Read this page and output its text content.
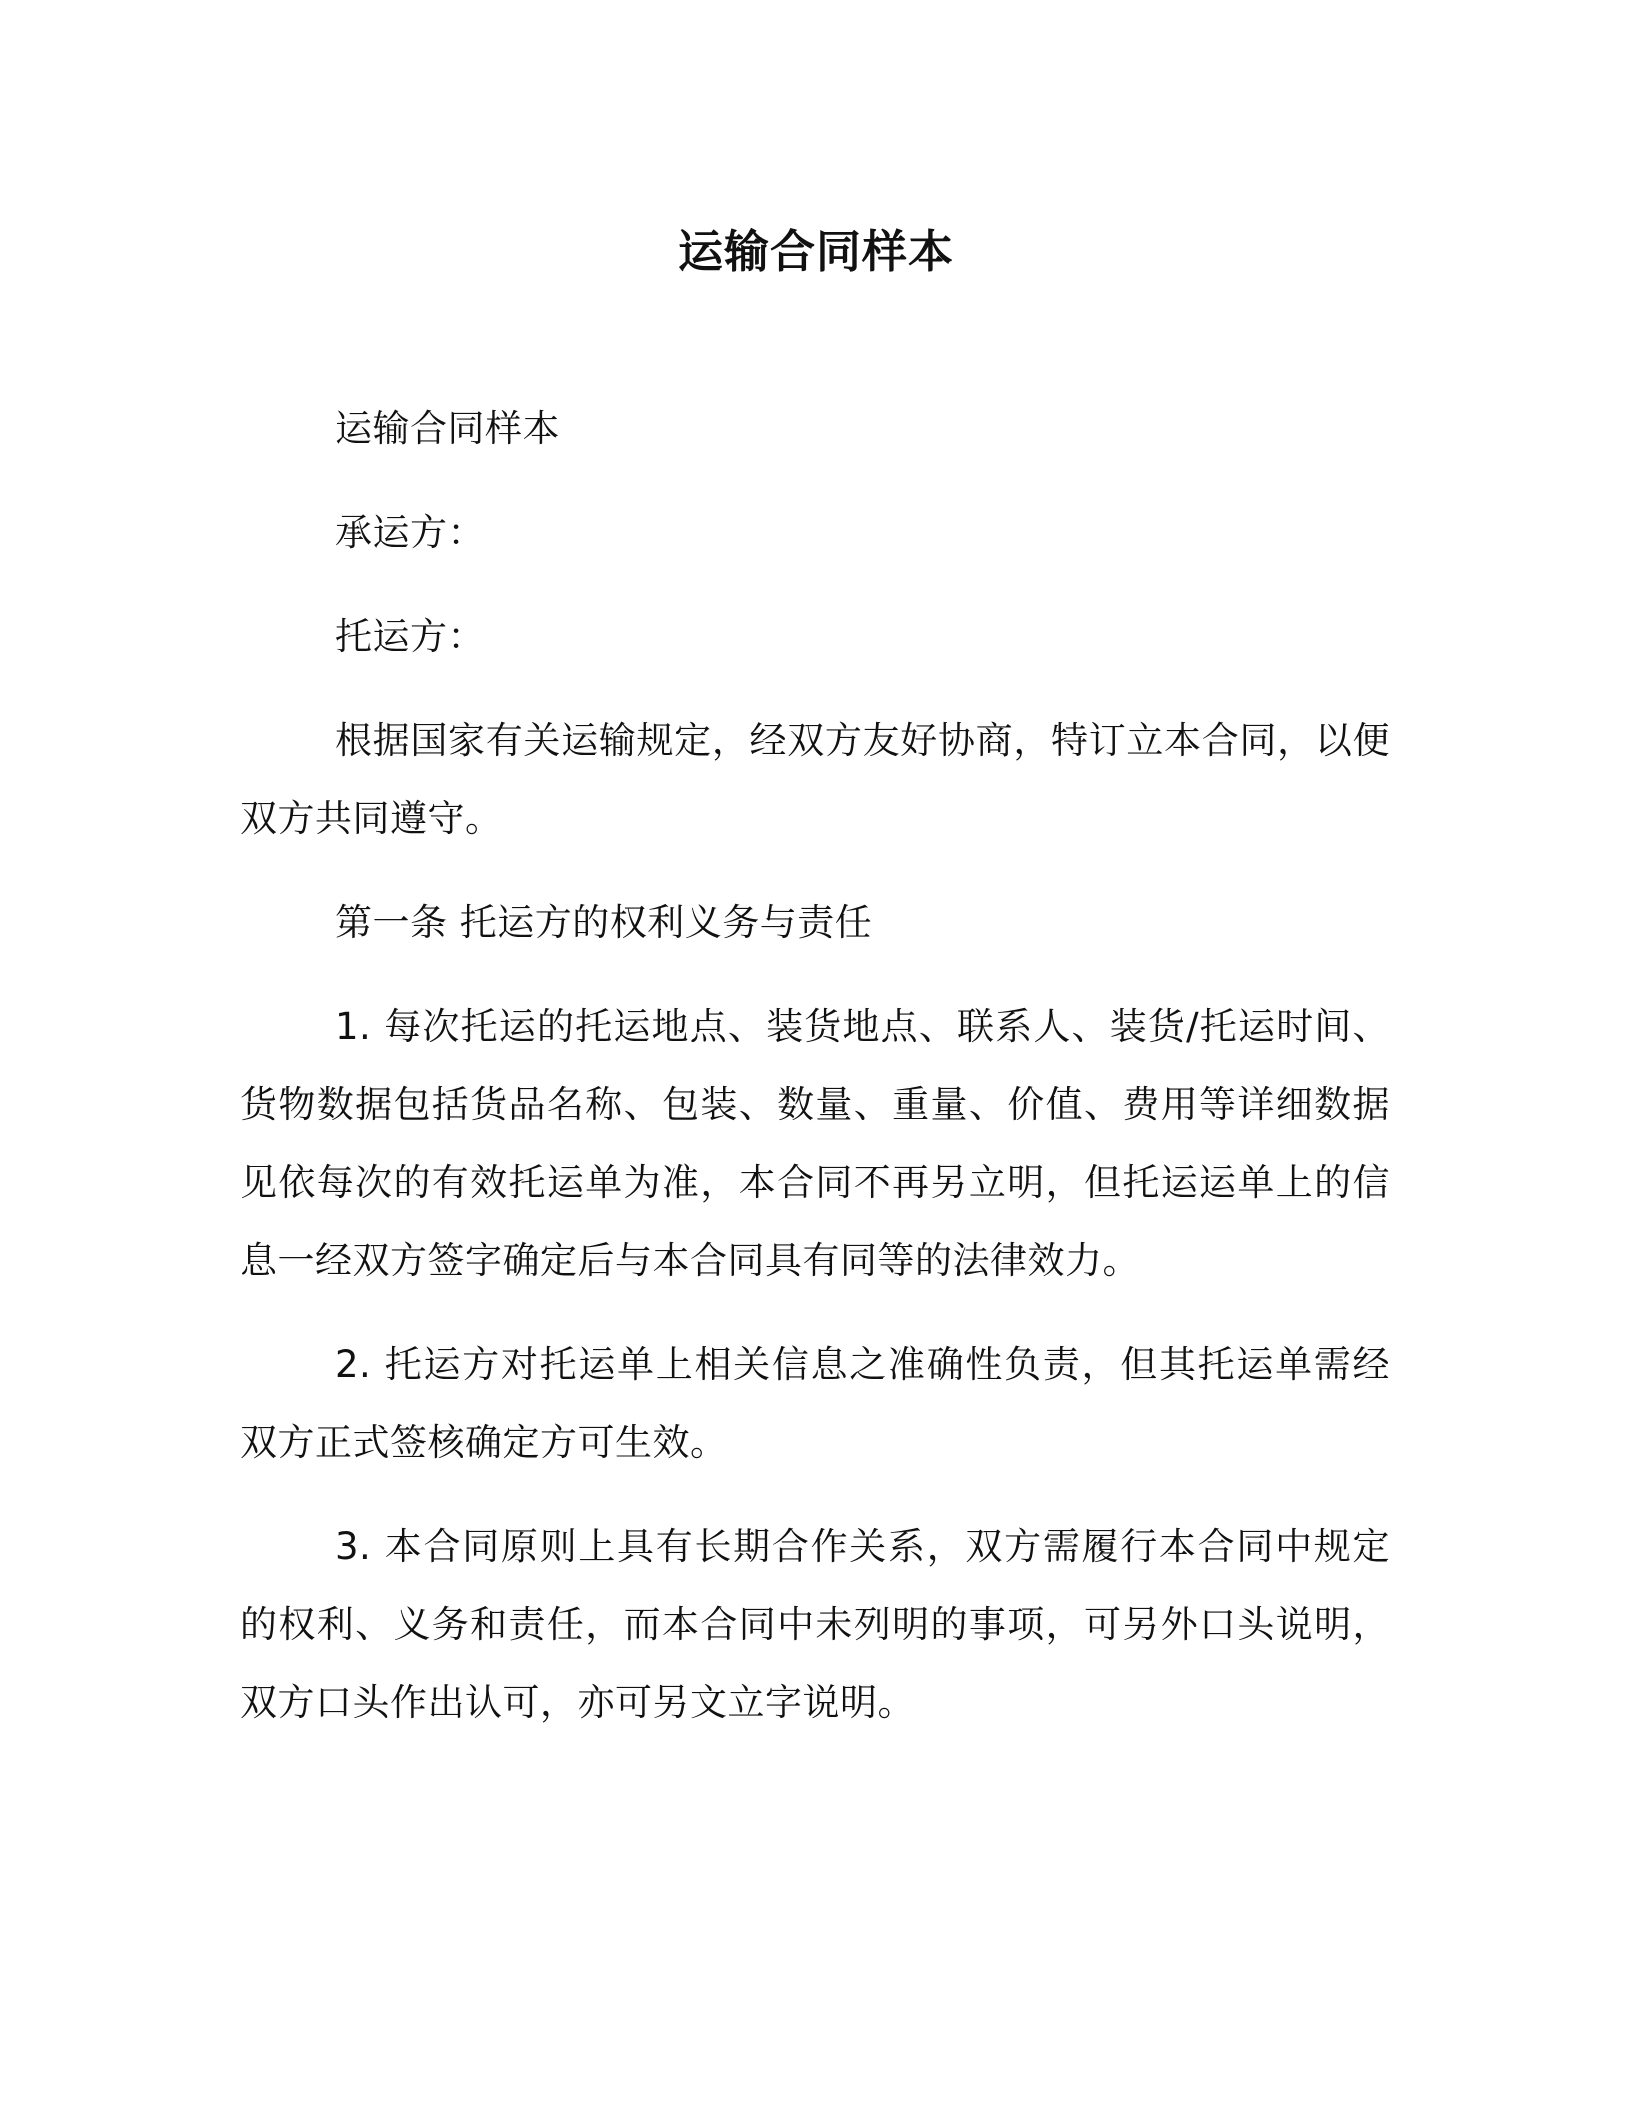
运输合同样本

运输合同样本

承运方：

托运方：

根据国家有关运输规定，经双方友好协商，特订立本合同，以便双方共同遵守。

第一条 托运方的权利义务与责任

1. 每次托运的托运地点、装货地点、联系人、装货/托运时间、货物数据包括货品名称、包装、数量、重量、价值、费用等详细数据见依每次的有效托运单为准，本合同不再另立明，但托运运单上的信息一经双方签字确定后与本合同具有同等的法律效力。

2. 托运方对托运单上相关信息之准确性负责，但其托运单需经双方正式签核确定方可生效。

3. 本合同原则上具有长期合作关系，双方需履行本合同中规定的权利、义务和责任，而本合同中未列明的事项，可另外口头说明，双方口头作出认可，亦可另文立字说明。
